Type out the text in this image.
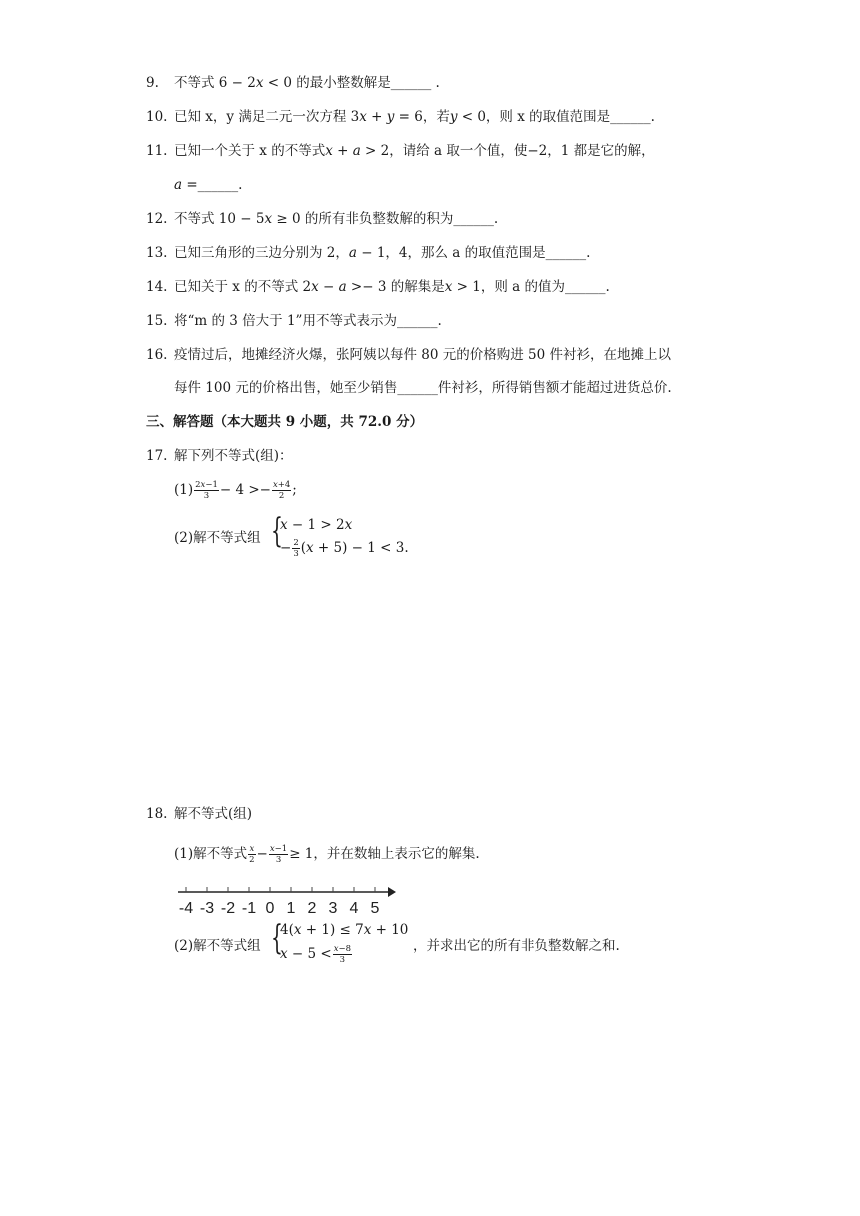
9.	不等式 6 − 2𝑥 < 0 的最小整数解是______ .
10. 已知 x，y 满足二元一次方程 3𝑥 + 𝑦 = 6，若𝑦 < 0，则 x 的取值范围是______.
11. 已知一个关于 x 的不等式𝑥 + 𝑎 > 2，请给 a 取一个值，使−2，1 都是它的解，
𝑎 =______.
12. 不等式 10 − 5𝑥 ≥ 0 的所有非负整数解的积为______.
13. 已知三角形的三边分别为 2，𝑎 − 1，4，那么 a 的取值范围是______.
14. 已知关于 x 的不等式 2𝑥 − 𝑎 >− 3 的解集是𝑥 > 1，则 a 的值为______.
15. 将“m 的 3 倍大于 1”用不等式表示为______.
16. 疫情过后，地摊经济火爆，张阿姨以每件 80 元的价格购进 50 件衬衫，在地摊上以
每件 100 元的价格出售，她至少销售______件衬衫，所得销售额才能超过进货总价.
三、解答题（本大题共 9 小题，共 72.0 分）
17. 解下列不等式(组)：
$(1) \frac{\text{2𝑥−1}}{3} - 4 >- \frac{\text{𝑥+4}}{2}$ ;
(2)解不等式组 {
𝑥 − 1 > 2𝑥
− $\frac{2}{3}$ (𝑥 + 5) − 1 < 3.
18. 解不等式(组)
(1)解不等式 $\frac{\text{𝑥}}{2} - \frac{\text{𝑥−1}}{3} \ge 1$，并在数轴上表示它的解集.
-4 -3 -2 -1 0 1 2 3 4 5
(2)解不等式组 {
4(𝑥 + 1) ≤ 7𝑥 + 10
𝑥 − $5 < \frac{\text{𝑥−8}}{3}$	，并求出它的所有非负整数解之和.
